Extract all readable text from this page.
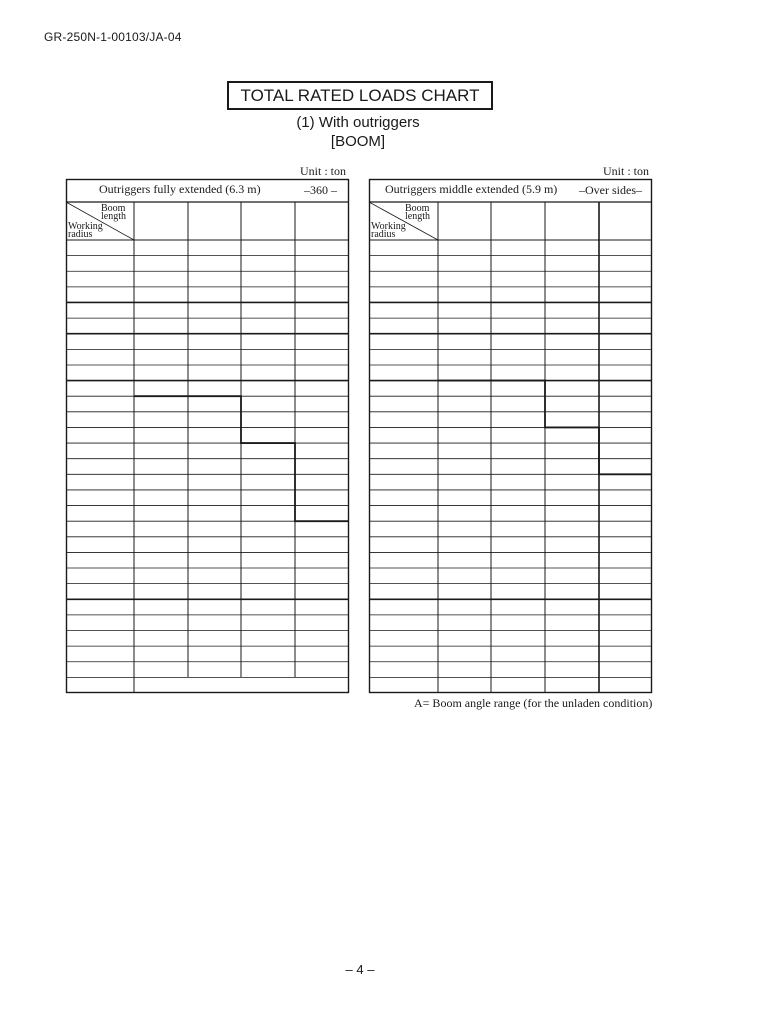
GR-250N-1-00103/JA-04
TOTAL RATED LOADS CHART
(1) With outriggers
[BOOM]
Unit : ton	Unit : ton
Outriggers fully extended (6.3 m)	–360 –
Boom
length
Working
radius
Outriggers middle extended (5.9 m) –Over sides–
Boom
length
Working
radius
A= Boom angle range (for the unladen condition)
– 4 –
